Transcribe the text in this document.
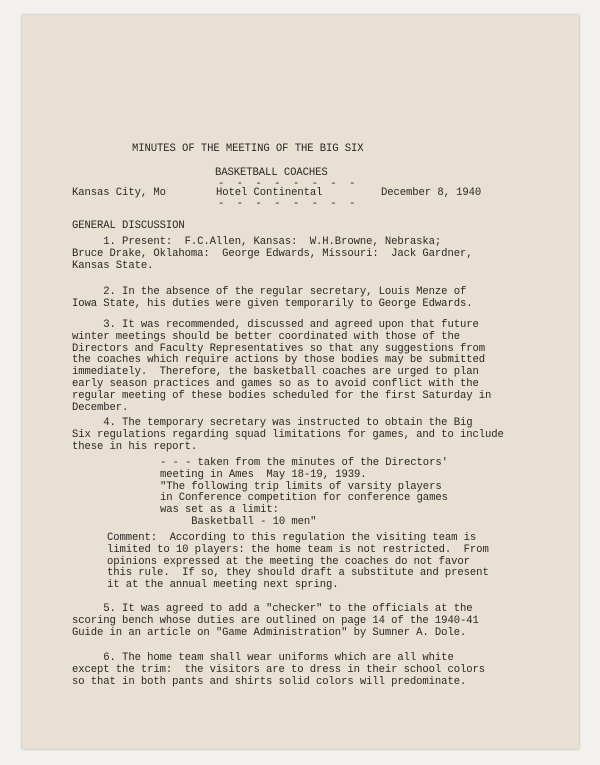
MINUTES OF THE MEETING OF THE BIG SIX
BASKETBALL COACHES
- - - - - - - -
Kansas City, Mo	Hotel Continental	December 8, 1940
- - - - - - - -
GENERAL DISCUSSION
1. Present:  F.C.Allen, Kansas:  W.H.Browne, Nebraska;
Bruce Drake, Oklahoma:  George Edwards, Missouri:  Jack Gardner,
Kansas State.
2. In the absence of the regular secretary, Louis Menze of
Iowa State, his duties were given temporarily to George Edwards.
3. It was recommended, discussed and agreed upon that future
winter meetings should be better coordinated with those of the
Directors and Faculty Representatives so that any suggestions from
the coaches which require actions by those bodies may be submitted
immediately.  Therefore, the basketball coaches are urged to plan
early season practices and games so as to avoid conflict with the
regular meeting of these bodies scheduled for the first Saturday in
December.
4. The temporary secretary was instructed to obtain the Big
Six regulations regarding squad limitations for games, and to include
these in his report.
- - - taken from the minutes of the Directors'
meeting in Ames  May 18-19, 1939.
"The following trip limits of varsity players
in Conference competition for conference games
was set as a limit:
Basketball - 10 men"
Comment:  According to this regulation the visiting team is
limited to 10 players: the home team is not restricted.  From
opinions expressed at the meeting the coaches do not favor
this rule.  If so, they should draft a substitute and present
it at the annual meeting next spring.
5. It was agreed to add a "checker" to the officials at the
scoring bench whose duties are outlined on page 14 of the 1940-41
Guide in an article on "Game Administration" by Sumner A. Dole.
6. The home team shall wear uniforms which are all white
except the trim:  the visitors are to dress in their school colors
so that in both pants and shirts solid colors will predominate.
